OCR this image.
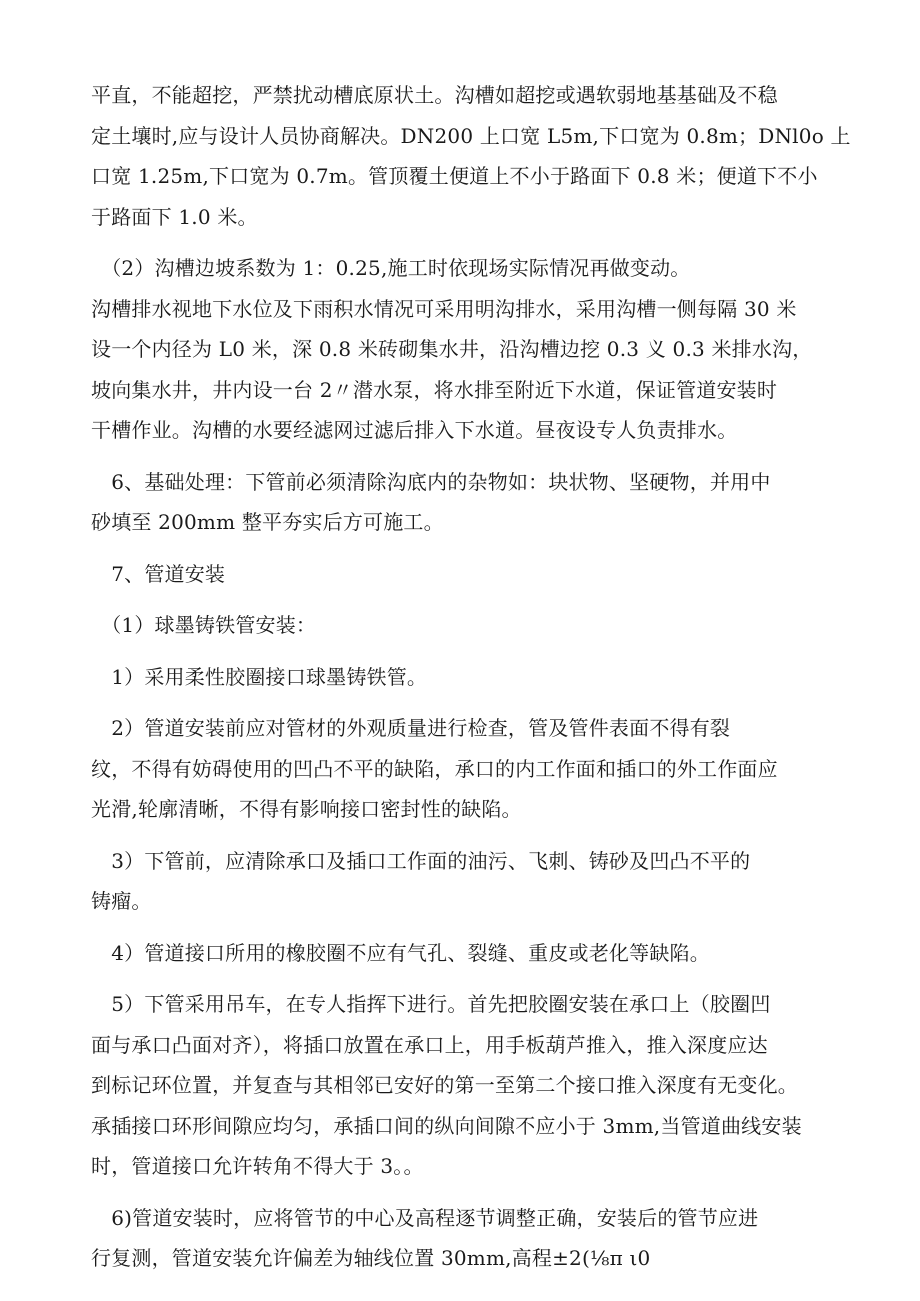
平直，不能超挖，严禁扰动槽底原状土。沟槽如超挖或遇软弱地基基础及不稳
定土壤时,应与设计人员协商解决。DN200 上口宽 L5m,下口宽为 0.8m；DNl0o 上
口宽 1.25m,下口宽为 0.7m。管顶覆土便道上不小于路面下 0.8 米；便道下不小
于路面下 1.0 米。

　（2）沟槽边坡系数为 1：0.25,施工时依现场实际情况再做变动。
沟槽排水视地下水位及下雨积水情况可采用明沟排水，采用沟槽一侧每隔 30 米
设一个内径为 L0 米，深 0.8 米砖砌集水井，沿沟槽边挖 0.3 义 0.3 米排水沟，
坡向集水井，井内设一台 2〃潜水泵，将水排至附近下水道，保证管道安装时
干槽作业。沟槽的水要经滤网过滤后排入下水道。昼夜设专人负责排水。

　6、基础处理：下管前必须清除沟底内的杂物如：块状物、坚硬物，并用中
砂填至 200mm 整平夯实后方可施工。

　7、管道安装

　（1）球墨铸铁管安装：

　1）采用柔性胶圈接口球墨铸铁管。

　2）管道安装前应对管材的外观质量进行检查，管及管件表面不得有裂
纹，不得有妨碍使用的凹凸不平的缺陷，承口的内工作面和插口的外工作面应
光滑,轮廓清晰，不得有影响接口密封性的缺陷。

　3）下管前，应清除承口及插口工作面的油污、飞刺、铸砂及凹凸不平的
铸瘤。

　4）管道接口所用的橡胶圈不应有气孔、裂缝、重皮或老化等缺陷。

　5）下管采用吊车，在专人指挥下进行。首先把胶圈安装在承口上（胶圈凹
面与承口凸面对齐），将插口放置在承口上，用手板葫芦推入，推入深度应达
到标记环位置，并复查与其相邻已安好的第一至第二个接口推入深度有无变化。
承插接口环形间隙应均匀，承插口间的纵向间隙不应小于 3mm,当管道曲线安装
时，管道接口允许转角不得大于 3。。

　6)管道安装时，应将管节的中心及高程逐节调整正确，安装后的管节应进
行复测，管道安装允许偏差为轴线位置 30mm,高程±2(⅛π ι0
